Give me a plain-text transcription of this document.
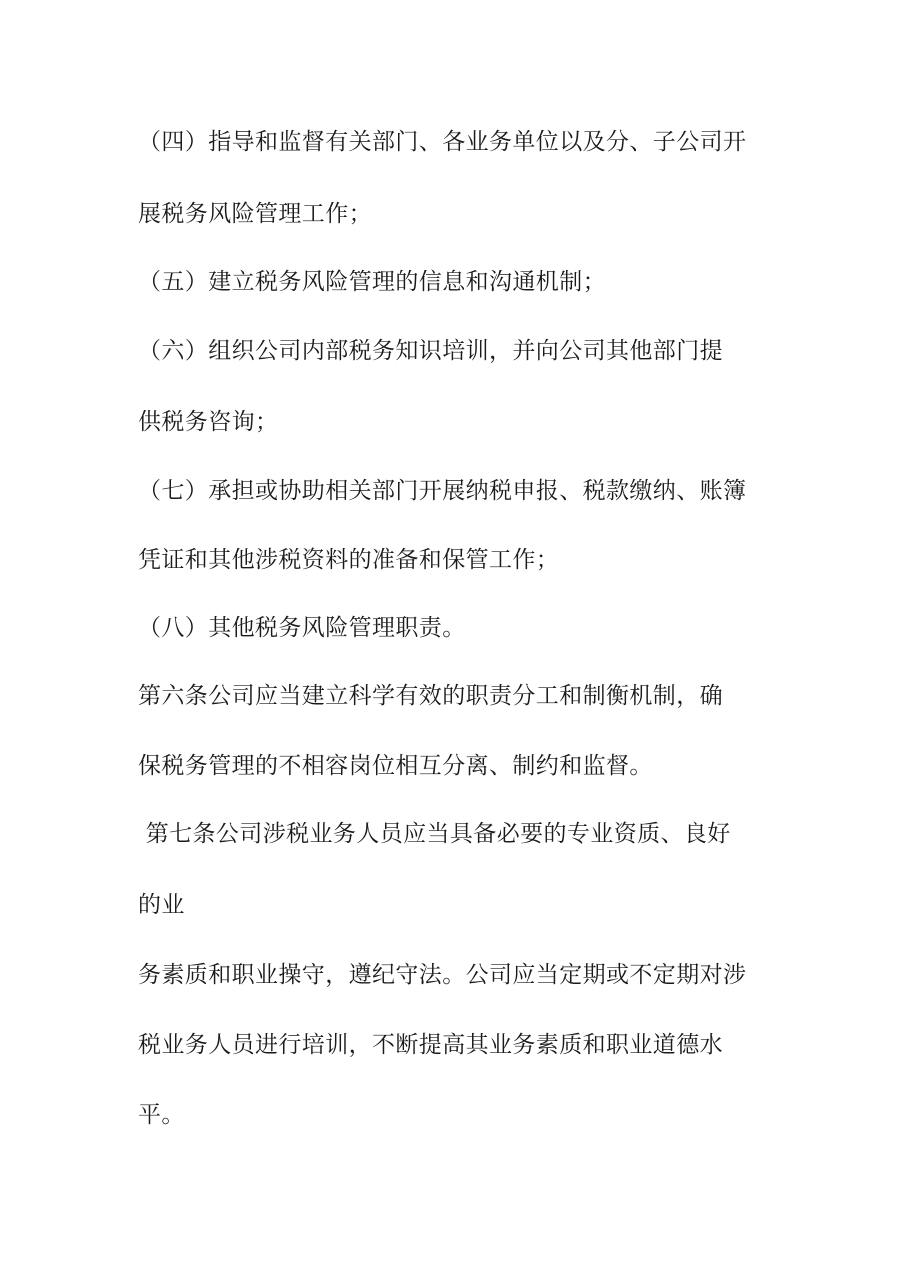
（四）指导和监督有关部门、各业务单位以及分、子公司开
展税务风险管理工作；
（五）建立税务风险管理的信息和沟通机制；
（六）组织公司内部税务知识培训，并向公司其他部门提
供税务咨询；
（七）承担或协助相关部门开展纳税申报、税款缴纳、账簿
凭证和其他涉税资料的准备和保管工作；
（八）其他税务风险管理职责。
第六条公司应当建立科学有效的职责分工和制衡机制，确
保税务管理的不相容岗位相互分离、制约和监督。
第七条公司涉税业务人员应当具备必要的专业资质、良好
的业
务素质和职业操守，遵纪守法。公司应当定期或不定期对涉
税业务人员进行培训，不断提高其业务素质和职业道德水
平。
